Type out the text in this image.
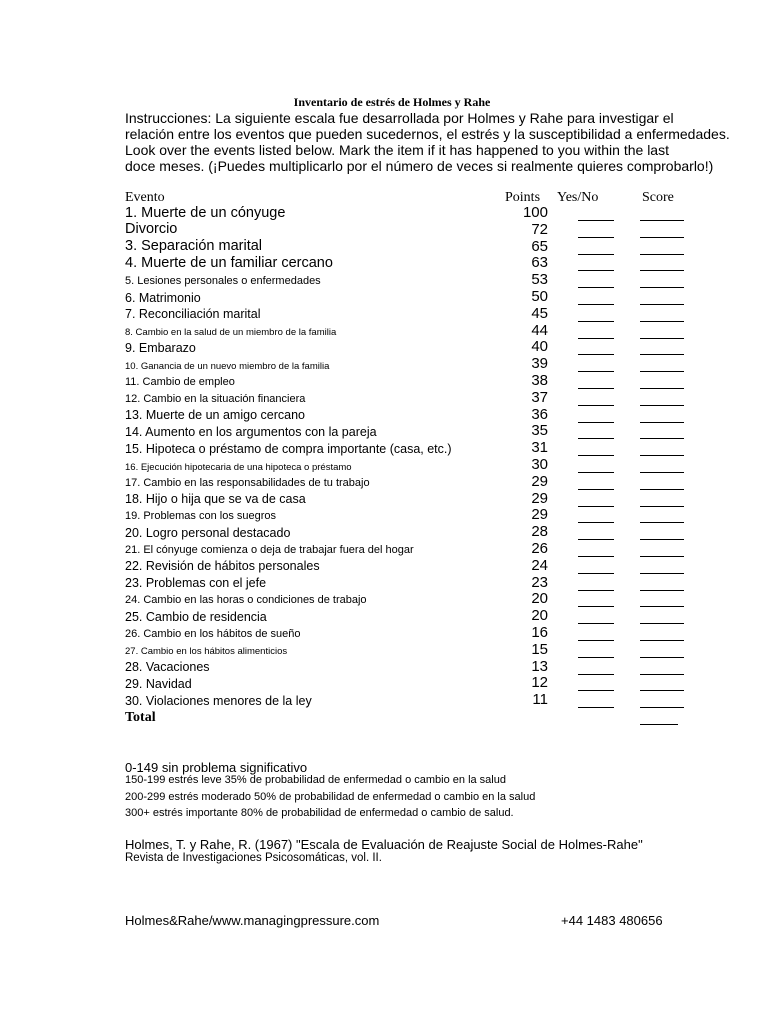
Inventario de estrés de Holmes y Rahe
Instrucciones: La siguiente escala fue desarrollada por Holmes y Rahe para investigar el
relación entre los eventos que pueden sucedernos, el estrés y la susceptibilidad a enfermedades.
Look over the events listed below. Mark the item if it has happened to you within the last
doce meses. (¡Puedes multiplicarlo por el número de veces si realmente quieres comprobarlo!)
Evento	Points Yes/No	Score
1. Muerte de un cónyuge	100
Divorcio	72
3. Separación marital	65
4. Muerte de un familiar cercano	63
5. Lesiones personales o enfermedades	53
6. Matrimonio	50
7. Reconciliación marital	45
8. Cambio en la salud de un miembro de la familia	44
9. Embarazo	40
10. Ganancia de un nuevo miembro de la familia	39
11. Cambio de empleo	38
12. Cambio en la situación financiera	37
13. Muerte de un amigo cercano	36
14. Aumento en los argumentos con la pareja	35
15. Hipoteca o préstamo de compra importante (casa, etc.)	31
16. Ejecución hipotecaria de una hipoteca o préstamo	30
17. Cambio en las responsabilidades de tu trabajo	29
18. Hijo o hija que se va de casa	29
19. Problemas con los suegros	29
20. Logro personal destacado	28
21. El cónyuge comienza o deja de trabajar fuera del hogar	26
22. Revisión de hábitos personales	24
23. Problemas con el jefe	23
24. Cambio en las horas o condiciones de trabajo	20
25. Cambio de residencia	20
26. Cambio en los hábitos de sueño	16
27. Cambio en los hábitos alimenticios	15
28. Vacaciones	13
29. Navidad	12
30. Violaciones menores de la ley	11
Total
0-149 sin problema significativo
150-199 estrés leve 35% de probabilidad de enfermedad o cambio en la salud
200-299 estrés moderado 50% de probabilidad de enfermedad o cambio en la salud
300+ estrés importante 80% de probabilidad de enfermedad o cambio de salud.
Holmes, T. y Rahe, R. (1967) "Escala de Evaluación de Reajuste Social de Holmes-Rahe"
Revista de Investigaciones Psicosomáticas, vol. II.
Holmes&Rahe/www.managingpressure.com	+44 1483 480656
